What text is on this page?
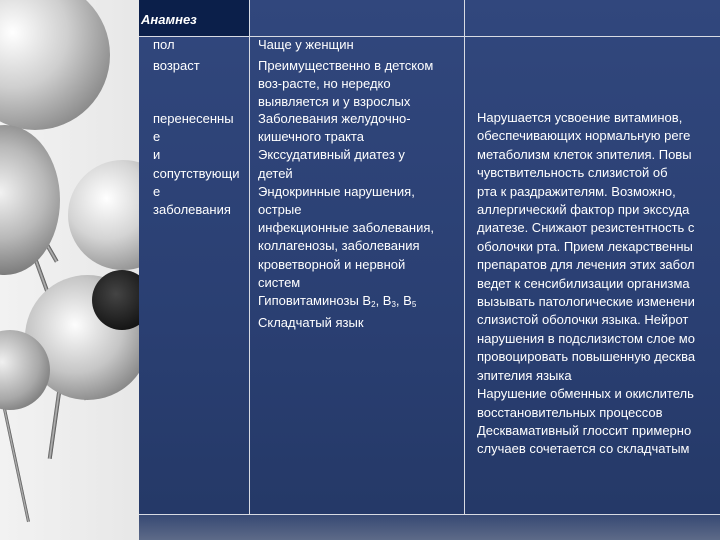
Анамнез
пол	Чаще у женщин
возраст	Преимущественно в детском
воз-расте, но нередко
выявляется и у взрослых
перенесенны
е
и
сопутствующи
е
заболевания
Заболевания желудочно-
кишечного тракта
Экссудативный диатез у
детей
Эндокринные нарушения,
острые
инфекционные заболевания,
коллагенозы, заболевания
кроветворной и нервной
систем
Гиповитаминозы $В_2$, $В_3$, $В_5$
Складчатый язык
Нарушается усвоение витаминов,
обеспечивающих нормальную реге
метаболизм клеток эпителия. Повы
чувствительность слизистой об
рта к раздражителям. Возможно,
аллергический фактор при экссуда
диатезе. Снижают резистентность с
оболочки рта. Прием лекарственны
препаратов для лечения этих забол
ведет к сенсибилизации организма
вызывать патологические изменени
слизистой оболочки языка. Нейрот
нарушения в подслизистом слое мо
провоцировать повышенную десква
эпителия языка
Нарушение обменных и окислитель
восстановительных процессов
Десквамативный глоссит примерно
случаев сочетается со складчатым
